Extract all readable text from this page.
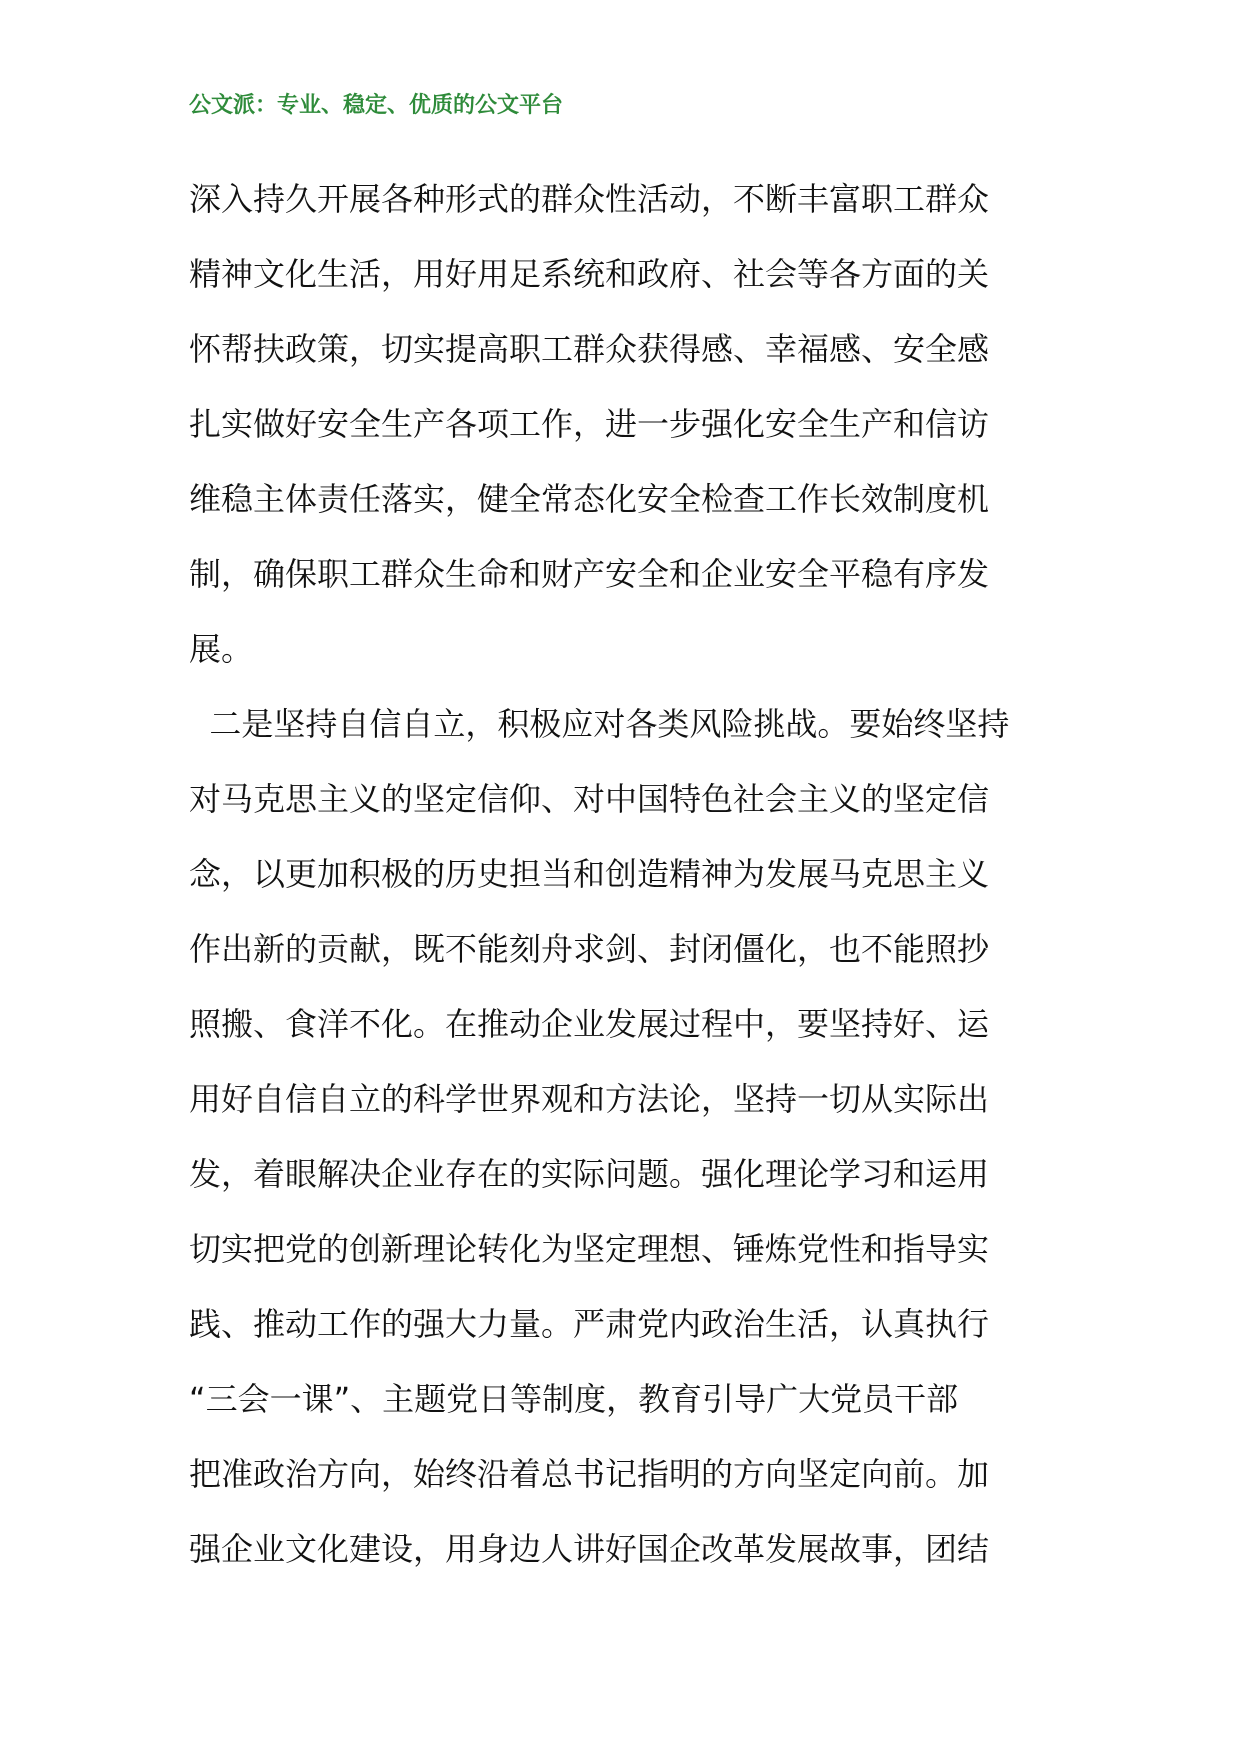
公文派：专业、稳定、优质的公文平台
深入持久开展各种形式的群众性活动，不断丰富职工群众
精神文化生活，用好用足系统和政府、社会等各方面的关
怀帮扶政策，切实提高职工群众获得感、幸福感、安全感
扎实做好安全生产各项工作，进一步强化安全生产和信访
维稳主体责任落实，健全常态化安全检查工作长效制度机
制，确保职工群众生命和财产安全和企业安全平稳有序发
展。
二是坚持自信自立，积极应对各类风险挑战。要始终坚持
对马克思主义的坚定信仰、对中国特色社会主义的坚定信
念，以更加积极的历史担当和创造精神为发展马克思主义
作出新的贡献，既不能刻舟求剑、封闭僵化，也不能照抄
照搬、食洋不化。在推动企业发展过程中，要坚持好、运
用好自信自立的科学世界观和方法论，坚持一切从实际出
发，着眼解决企业存在的实际问题。强化理论学习和运用
切实把党的创新理论转化为坚定理想、锤炼党性和指导实
践、推动工作的强大力量。严肃党内政治生活，认真执行
“三会一课”、主题党日等制度，教育引导广大党员干部
把准政治方向，始终沿着总书记指明的方向坚定向前。加
强企业文化建设，用身边人讲好国企改革发展故事，团结
